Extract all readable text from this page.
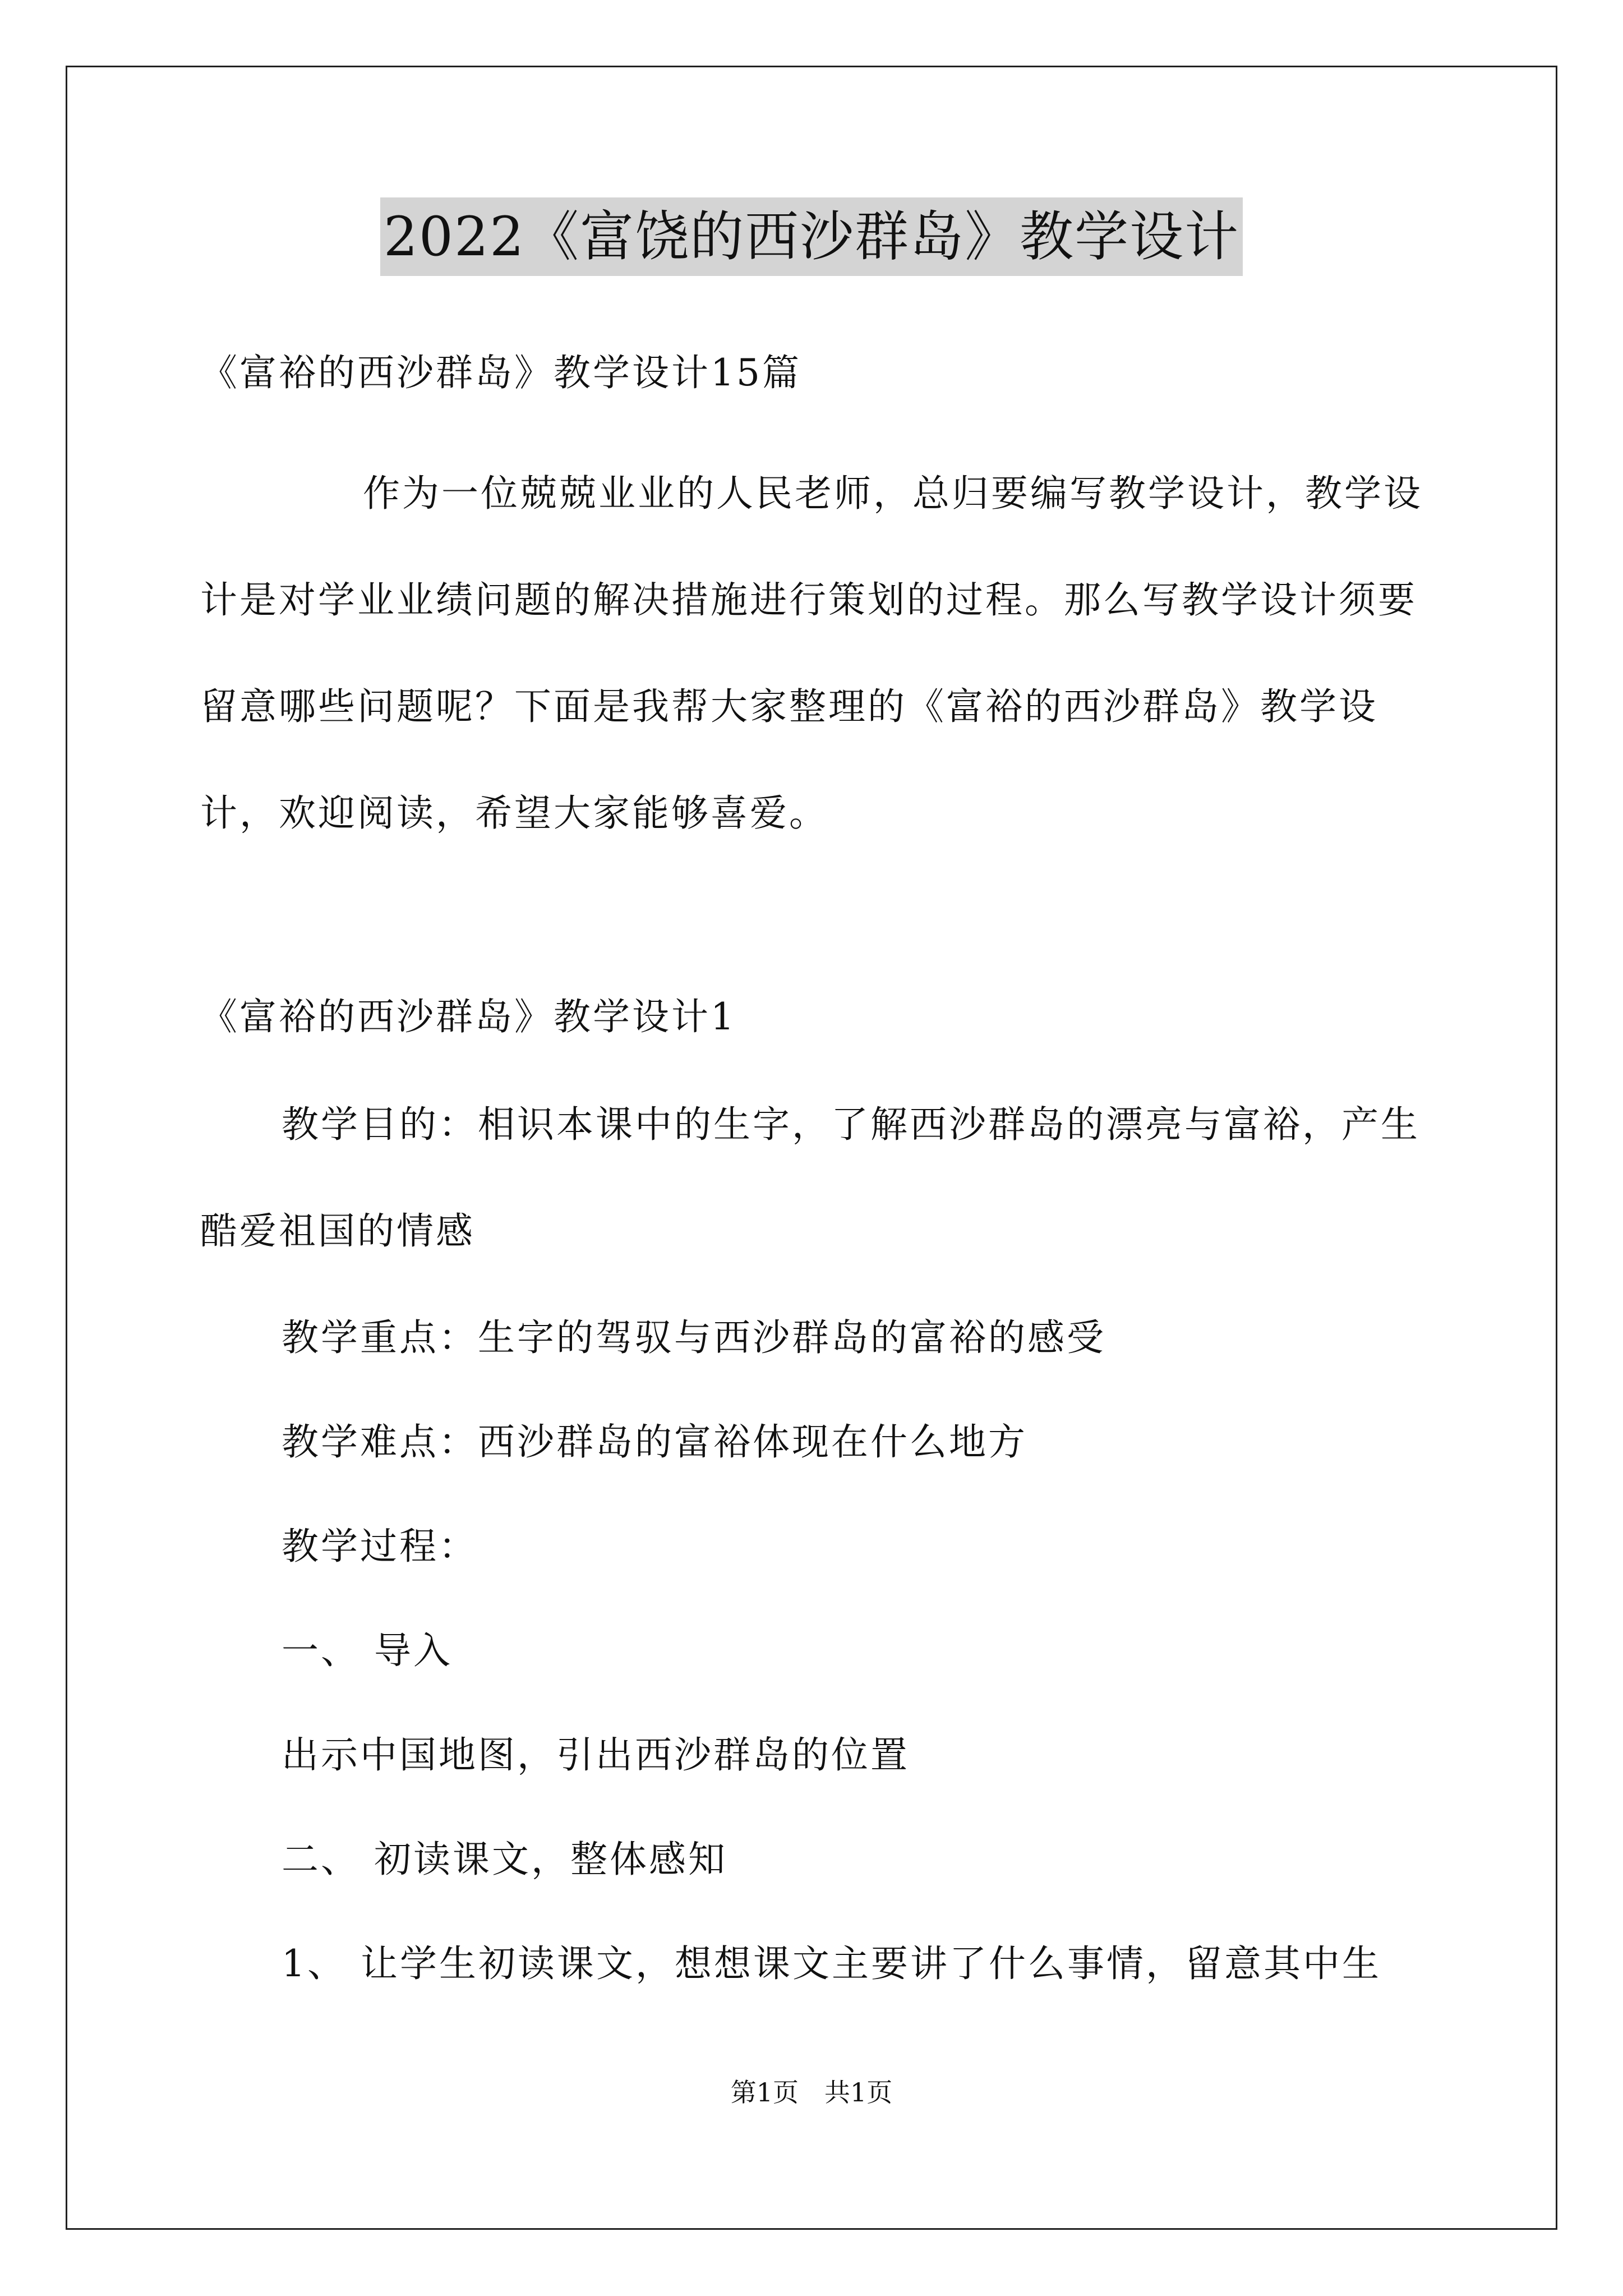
2022《富饶的西沙群岛》教学设计
《富裕的西沙群岛》教学设计15篇
作为一位兢兢业业的人民老师，总归要编写教学设计，教学设计是对学业业绩问题的解决措施进行策划的过程。那么写教学设计须要留意哪些问题呢？下面是我帮大家整理的《富裕的西沙群岛》教学设计，欢迎阅读，希望大家能够喜爱。
《富裕的西沙群岛》教学设计1
教学目的：相识本课中的生字，了解西沙群岛的漂亮与富裕，产生酷爱祖国的情感
教学重点：生字的驾驭与西沙群岛的富裕的感受
教学难点：西沙群岛的富裕体现在什么地方
教学过程：
一、 导入
出示中国地图，引出西沙群岛的位置
二、 初读课文，整体感知
1、 让学生初读课文，想想课文主要讲了什么事情，留意其中生
第1页　共1页
